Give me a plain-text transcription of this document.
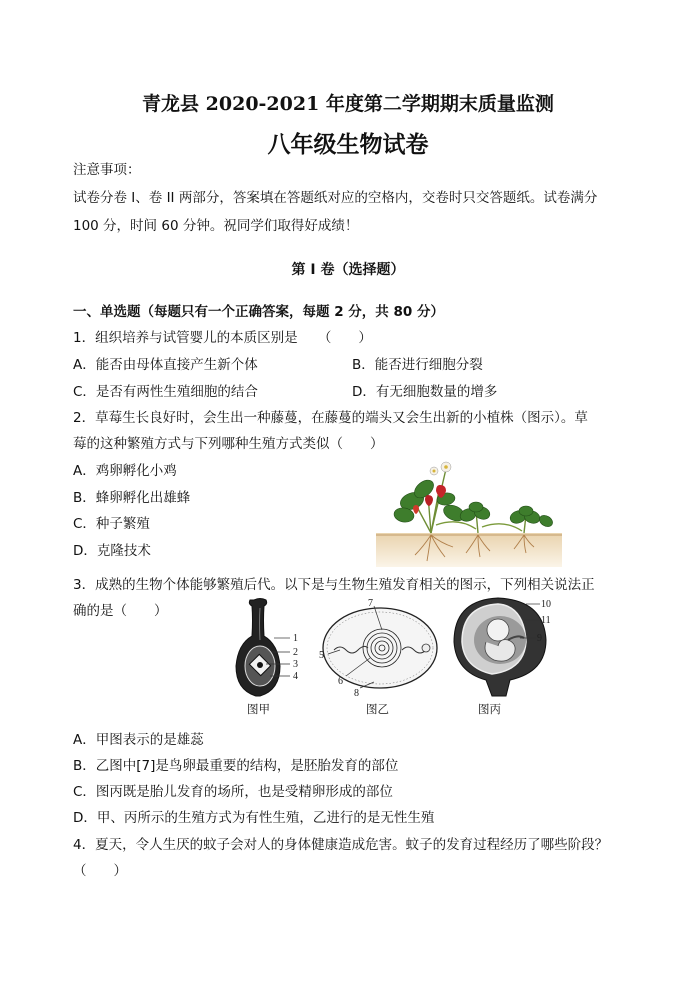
青龙县 2020-2021 年度第二学期期末质量监测
八年级生物试卷
注意事项：
试卷分卷 I、卷 II 两部分，答案填在答题纸对应的空格内，交卷时只交答题纸。试卷满分
100 分，时间 60 分钟。祝同学们取得好成绩！
第 I 卷（选择题）
一、单选题（每题只有一个正确答案，每题 2 分，共 80 分）
1．组织培养与试管婴儿的本质区别是　　（　　）
A．能否由母体直接产生新个体	B．能否进行细胞分裂
C．是否有两性生殖细胞的结合	D．有无细胞数量的增多
2．草莓生长良好时，会生出一种藤蔓，在藤蔓的端头又会生出新的小植株（图示）。草
莓的这种繁殖方式与下列哪种生殖方式类似（　　）
A．鸡卵孵化小鸡
B．蜂卵孵化出雄蜂
C．种子繁殖
D．克隆技术
3．成熟的生物个体能够繁殖后代。以下是与生物生殖发育相关的图示，下列相关说法正
确的是（　　）
1
2
3
4
图甲
7
5
6
8
图乙
10
11
9
图丙
A．甲图表示的是雄蕊
B．乙图中[7]是鸟卵最重要的结构，是胚胎发育的部位
C．图丙既是胎儿发育的场所，也是受精卵形成的部位
D．甲、丙所示的生殖方式为有性生殖，乙进行的是无性生殖
4．夏天，令人生厌的蚊子会对人的身体健康造成危害。蚊子的发育过程经历了哪些阶段？
（　　）
